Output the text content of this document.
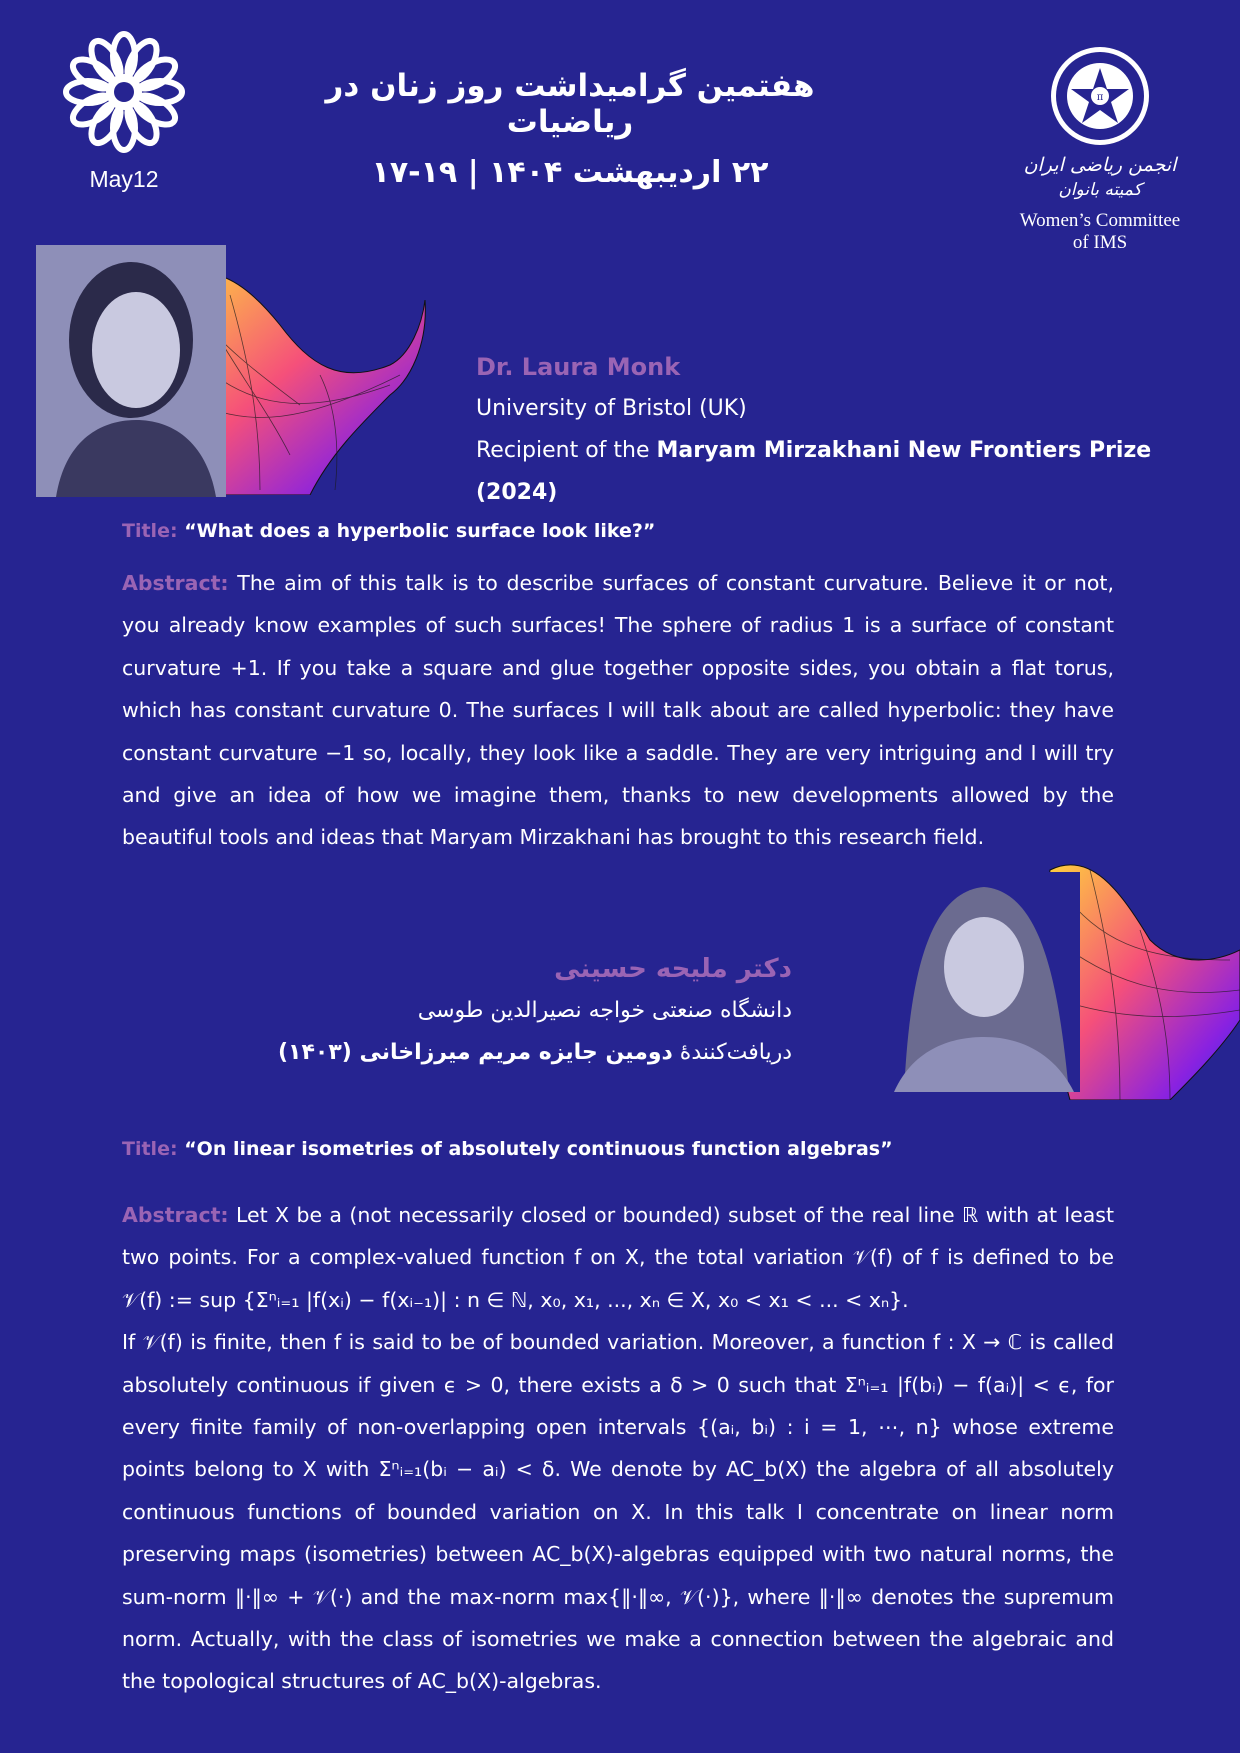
May12
هفتمین گرامیداشت روز زنان در ریاضیات
۲۲ اردیبهشت ۱۴۰۴ | ۱۹-۱۷
π
انجمن ریاضی ایران
کمیته بانوان
Women’s Committee
of IMS
Dr. Laura Monk
University of Bristol (UK)
Recipient of the Maryam Mirzakhani New Frontiers Prize (2024)
Title: “What does a hyperbolic surface look like?”
Abstract: The aim of this talk is to describe surfaces of constant curvature. Believe it or not, you already know examples of such surfaces! The sphere of radius 1 is a surface of constant curvature +1. If you take a square and glue together opposite sides, you obtain a flat torus, which has constant curvature 0. The surfaces I will talk about are called hyperbolic: they have constant curvature −1 so, locally, they look like a saddle. They are very intriguing and I will try and give an idea of how we imagine them, thanks to new developments allowed by the beautiful tools and ideas that Maryam Mirzakhani has brought to this research field.
دکتر ملیحه حسینی
دانشگاه صنعتی خواجه نصیرالدین طوسی
دریافت‌کنندهٔ دومین جایزه مریم میرزاخانی (۱۴۰۳)
Title: “On linear isometries of absolutely continuous function algebras”
Abstract: Let X be a (not necessarily closed or bounded) subset of the real line ℝ with at least two points. For a complex-valued function f on X, the total variation 𝒱(f) of f is defined to be 𝒱(f) := sup {Σⁿᵢ₌₁ |f(xᵢ) − f(xᵢ₋₁)| : n ∈ ℕ, x₀, x₁, ..., xₙ ∈ X, x₀ < x₁ < ... < xₙ}.
If 𝒱(f) is finite, then f is said to be of bounded variation. Moreover, a function f : X → ℂ is called absolutely continuous if given ϵ > 0, there exists a δ > 0 such that Σⁿᵢ₌₁ |f(bᵢ) − f(aᵢ)| < ϵ, for every finite family of non-overlapping open intervals {(aᵢ, bᵢ) : i = 1, ⋯, n} whose extreme points belong to X with Σⁿᵢ₌₁(bᵢ − aᵢ) < δ. We denote by AC_b(X) the algebra of all absolutely continuous functions of bounded variation on X. In this talk I concentrate on linear norm preserving maps (isometries) between AC_b(X)-algebras equipped with two natural norms, the sum-norm ‖·‖∞ + 𝒱(·) and the max-norm max{‖·‖∞, 𝒱(·)}, where ‖·‖∞ denotes the supremum norm. Actually, with the class of isometries we make a connection between the algebraic and the topological structures of AC_b(X)-algebras.
